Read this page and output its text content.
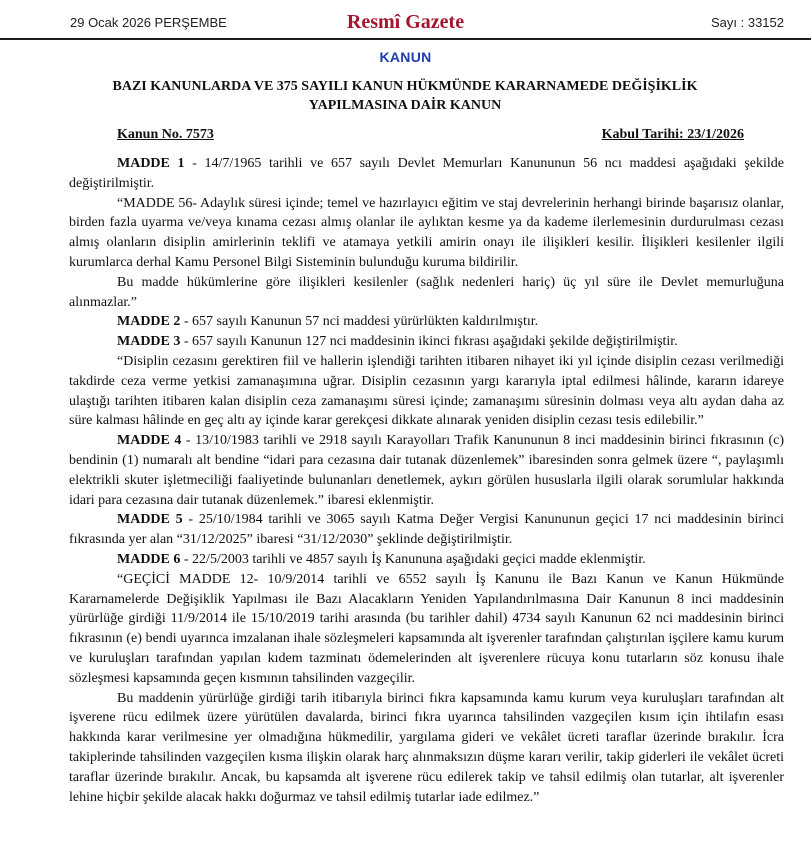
29 Ocak 2026 PERŞEMBE	Resmî Gazete	Sayı : 33152
KANUN
BAZI KANUNLARDA VE 375 SAYILI KANUN HÜKMÜNDE KARARNAMEDE DEĞİŞİKLİK YAPILMASINA DAİR KANUN
Kanun No. 7573	Kabul Tarihi: 23/1/2026

MADDE 1 - 14/7/1965 tarihli ve 657 sayılı Devlet Memurları Kanununun 56 ncı maddesi aşağıdaki şekilde değiştirilmiştir.

“MADDE 56- Adaylık süresi içinde; temel ve hazırlayıcı eğitim ve staj devrelerinin herhangi birinde başarısız olanlar, birden fazla uyarma ve/veya kınama cezası almış olanlar ile aylıktan kesme ya da kademe ilerlemesinin durdurulması cezası almış olanların disiplin amirlerinin teklifi ve atamaya yetkili amirin onayı ile ilişikleri kesilir. İlişikleri kesilenler ilgili kurumlarca derhal Kamu Personel Bilgi Sisteminin bulunduğu kuruma bildirilir.

Bu madde hükümlerine göre ilişikleri kesilenler (sağlık nedenleri hariç) üç yıl süre ile Devlet memurluğuna alınmazlar.”

MADDE 2 - 657 sayılı Kanunun 57 nci maddesi yürürlükten kaldırılmıştır.

MADDE 3 - 657 sayılı Kanunun 127 nci maddesinin ikinci fıkrası aşağıdaki şekilde değiştirilmiştir.

“Disiplin cezasını gerektiren fiil ve hallerin işlendiği tarihten itibaren nihayet iki yıl içinde disiplin cezası verilmediği takdirde ceza verme yetkisi zamanaşımına uğrar. Disiplin cezasının yargı kararıyla iptal edilmesi hâlinde, kararın idareye ulaştığı tarihten itibaren kalan disiplin ceza zamanaşımı süresi içinde; zamanaşımı süresinin dolması veya altı aydan daha az süre kalması hâlinde en geç altı ay içinde karar gerekçesi dikkate alınarak yeniden disiplin cezası tesis edilebilir.”

MADDE 4 - 13/10/1983 tarihli ve 2918 sayılı Karayolları Trafik Kanununun 8 inci maddesinin birinci fıkrasının (c) bendinin (1) numaralı alt bendine “idari para cezasına dair tutanak düzenlemek” ibaresinden sonra gelmek üzere “, paylaşımlı elektrikli skuter işletmeciliği faaliyetinde bulunanları denetlemek, aykırı görülen hususlarla ilgili olarak sorumlular hakkında idari para cezasına dair tutanak düzenlemek.” ibaresi eklenmiştir.

MADDE 5 - 25/10/1984 tarihli ve 3065 sayılı Katma Değer Vergisi Kanununun geçici 17 nci maddesinin birinci fıkrasında yer alan “31/12/2025” ibaresi “31/12/2030” şeklinde değiştirilmiştir.

MADDE 6 - 22/5/2003 tarihli ve 4857 sayılı İş Kanununa aşağıdaki geçici madde eklenmiştir.

“GEÇİCİ MADDE 12- 10/9/2014 tarihli ve 6552 sayılı İş Kanunu ile Bazı Kanun ve Kanun Hükmünde Kararnamelerde Değişiklik Yapılması ile Bazı Alacakların Yeniden Yapılandırılmasına Dair Kanunun 8 inci maddesinin yürürlüğe girdiği 11/9/2014 ile 15/10/2019 tarihi arasında (bu tarihler dahil) 4734 sayılı Kanunun 62 nci maddesinin birinci fıkrasının (e) bendi uyarınca imzalanan ihale sözleşmeleri kapsamında alt işverenler tarafından çalıştırılan işçilere kamu kurum ve kuruluşları tarafından yapılan kıdem tazminatı ödemelerinden alt işverenlere rücuya konu tutarların söz konusu ihale sözleşmesi kapsamında geçen kısmının tahsilinden vazgeçilir.

Bu maddenin yürürlüğe girdiği tarih itibarıyla birinci fıkra kapsamında kamu kurum veya kuruluşları tarafından alt işverene rücu edilmek üzere yürütülen davalarda, birinci fıkra uyarınca tahsilinden vazgeçilen kısım için ihtilafın esası hakkında karar verilmesine yer olmadığına hükmedilir, yargılama gideri ve vekâlet ücreti taraflar üzerinde bırakılır. İcra takiplerinde tahsilinden vazgeçilen kısma ilişkin olarak harç alınmaksızın düşme kararı verilir, takip giderleri ile vekâlet ücreti taraflar üzerinde bırakılır. Ancak, bu kapsamda alt işverene rücu edilerek takip ve tahsil edilmiş olan tutarlar, alt işverenler lehine hiçbir şekilde alacak hakkı doğurmaz ve tahsil edilmiş tutarlar iade edilmez.”
